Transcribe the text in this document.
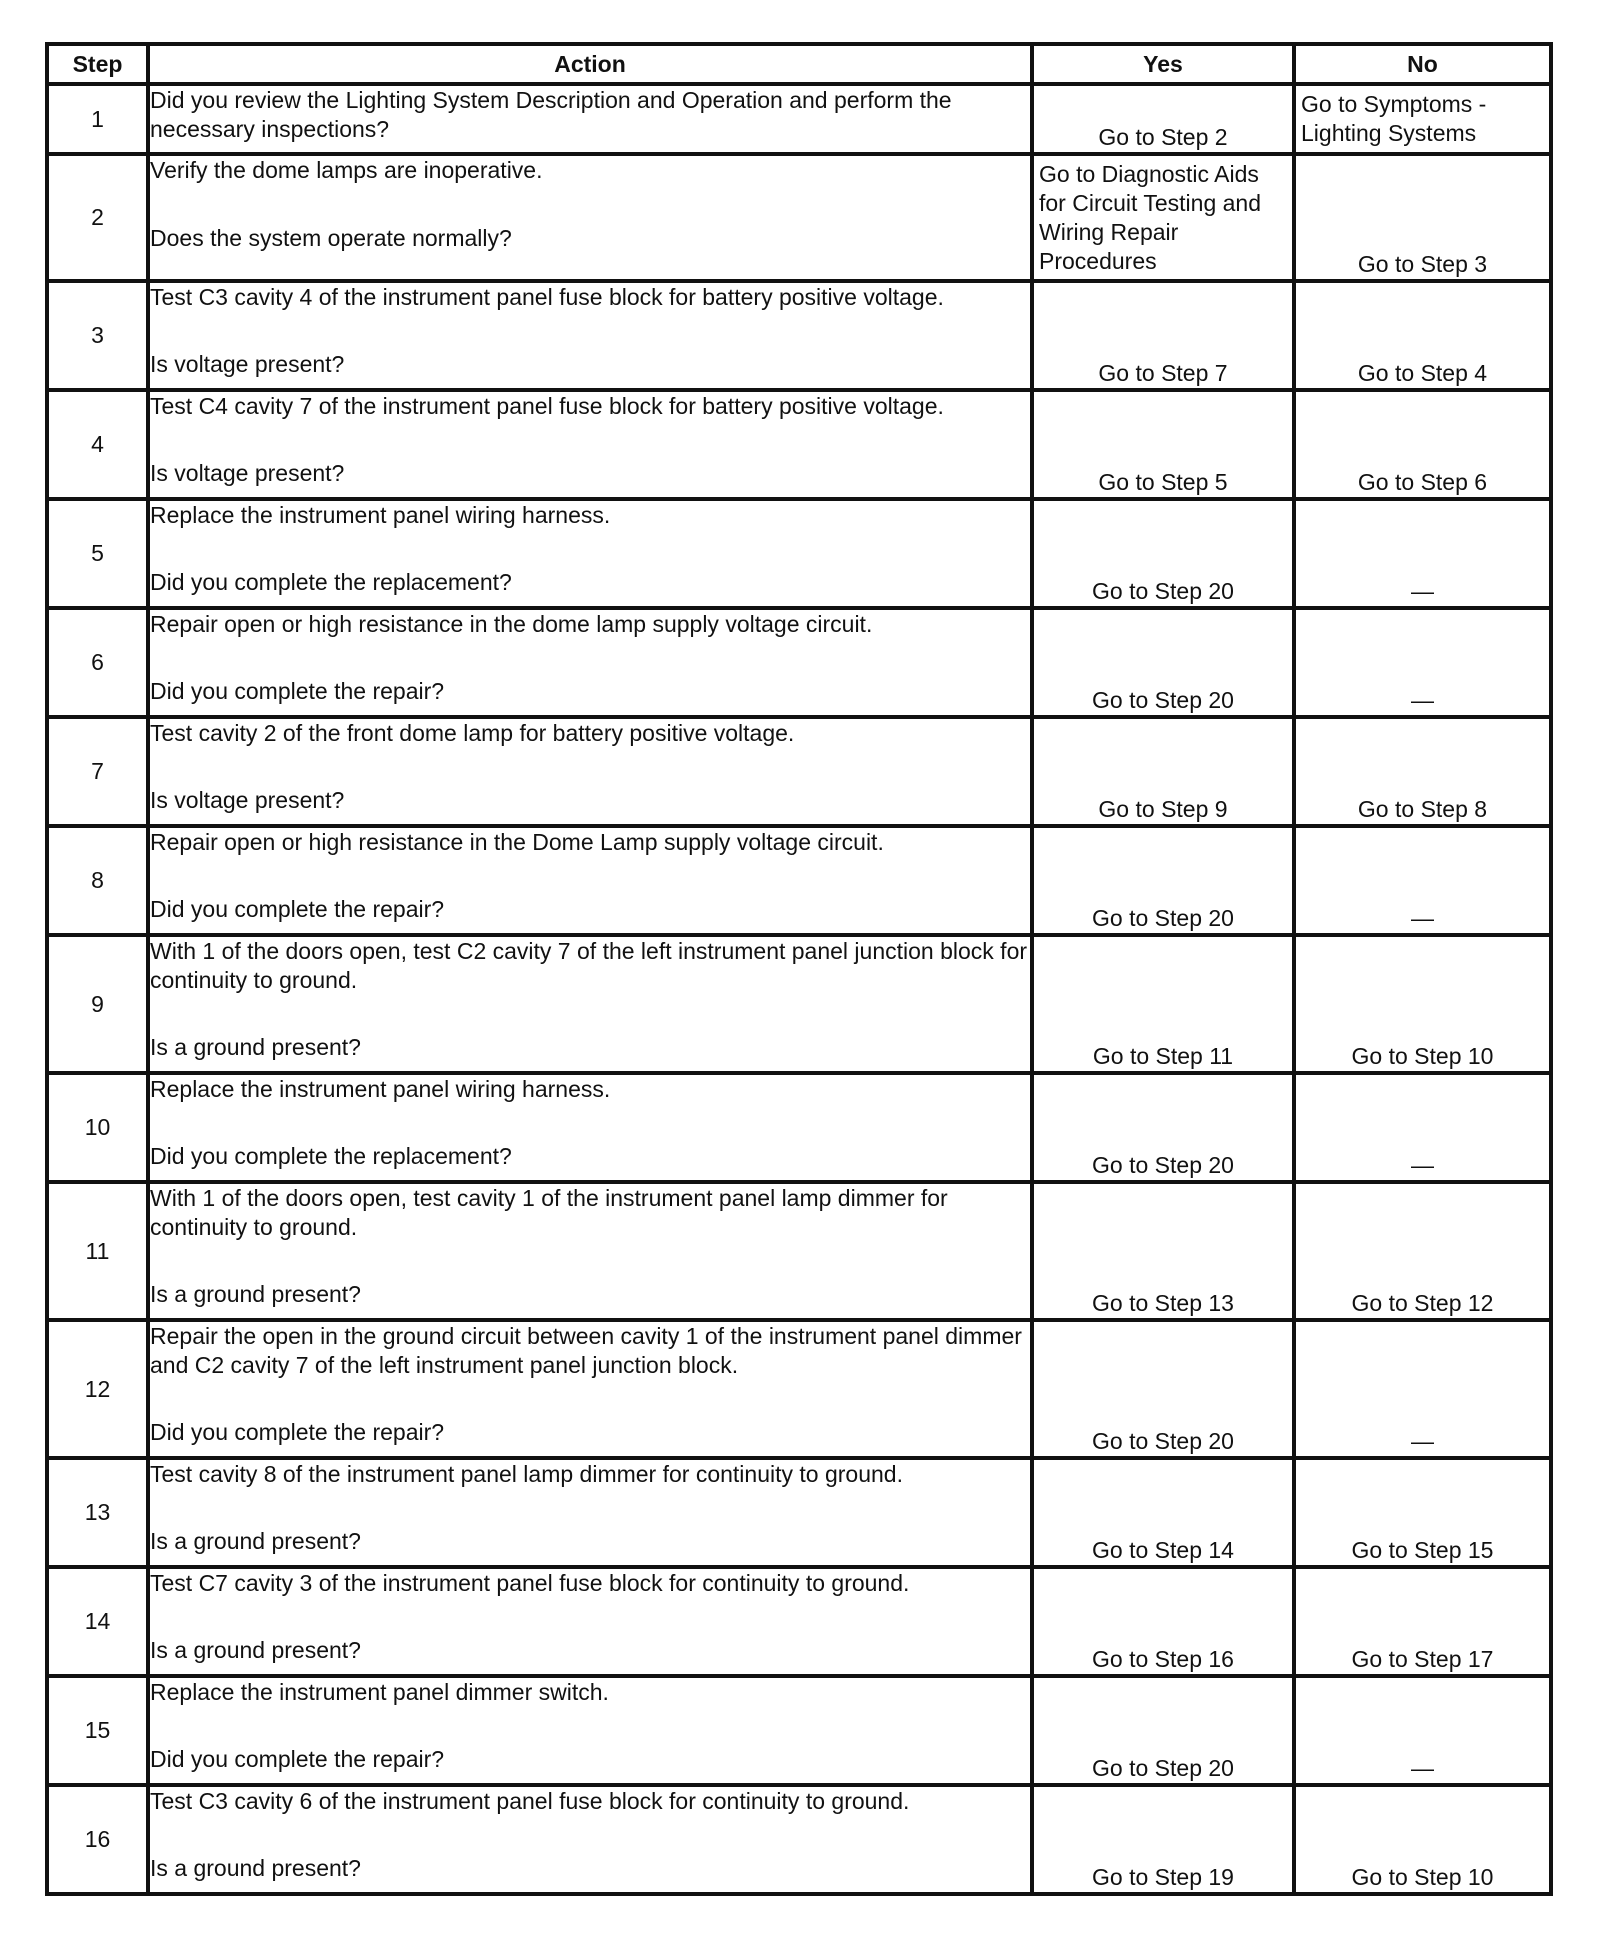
Step	Action	Yes	No
1	Did you review the Lighting System Description and Operation and perform the necessary inspections?	Go to Step 2	Go to Symptoms - Lighting Systems
2	Verify the dome lamps are inoperative.
Does the system operate normally?	Go to Diagnostic Aids for Circuit Testing and Wiring Repair Procedures	Go to Step 3
3	Test C3 cavity 4 of the instrument panel fuse block for battery positive voltage.
Is voltage present?	Go to Step 7	Go to Step 4
4	Test C4 cavity 7 of the instrument panel fuse block for battery positive voltage.
Is voltage present?	Go to Step 5	Go to Step 6
5	Replace the instrument panel wiring harness.
Did you complete the replacement?	Go to Step 20	—
6	Repair open or high resistance in the dome lamp supply voltage circuit.
Did you complete the repair?	Go to Step 20	—
7	Test cavity 2 of the front dome lamp for battery positive voltage.
Is voltage present?	Go to Step 9	Go to Step 8
8	Repair open or high resistance in the Dome Lamp supply voltage circuit.
Did you complete the repair?	Go to Step 20	—
9	With 1 of the doors open, test C2 cavity 7 of the left instrument panel junction block for continuity to ground.
Is a ground present?	Go to Step 11	Go to Step 10
10	Replace the instrument panel wiring harness.
Did you complete the replacement?	Go to Step 20	—
11	With 1 of the doors open, test cavity 1 of the instrument panel lamp dimmer for continuity to ground.
Is a ground present?	Go to Step 13	Go to Step 12
12	Repair the open in the ground circuit between cavity 1 of the instrument panel dimmer and C2 cavity 7 of the left instrument panel junction block.
Did you complete the repair?	Go to Step 20	—
13	Test cavity 8 of the instrument panel lamp dimmer for continuity to ground.
Is a ground present?	Go to Step 14	Go to Step 15
14	Test C7 cavity 3 of the instrument panel fuse block for continuity to ground.
Is a ground present?	Go to Step 16	Go to Step 17
15	Replace the instrument panel dimmer switch.
Did you complete the repair?	Go to Step 20	—
16	Test C3 cavity 6 of the instrument panel fuse block for continuity to ground.
Is a ground present?	Go to Step 19	Go to Step 10
